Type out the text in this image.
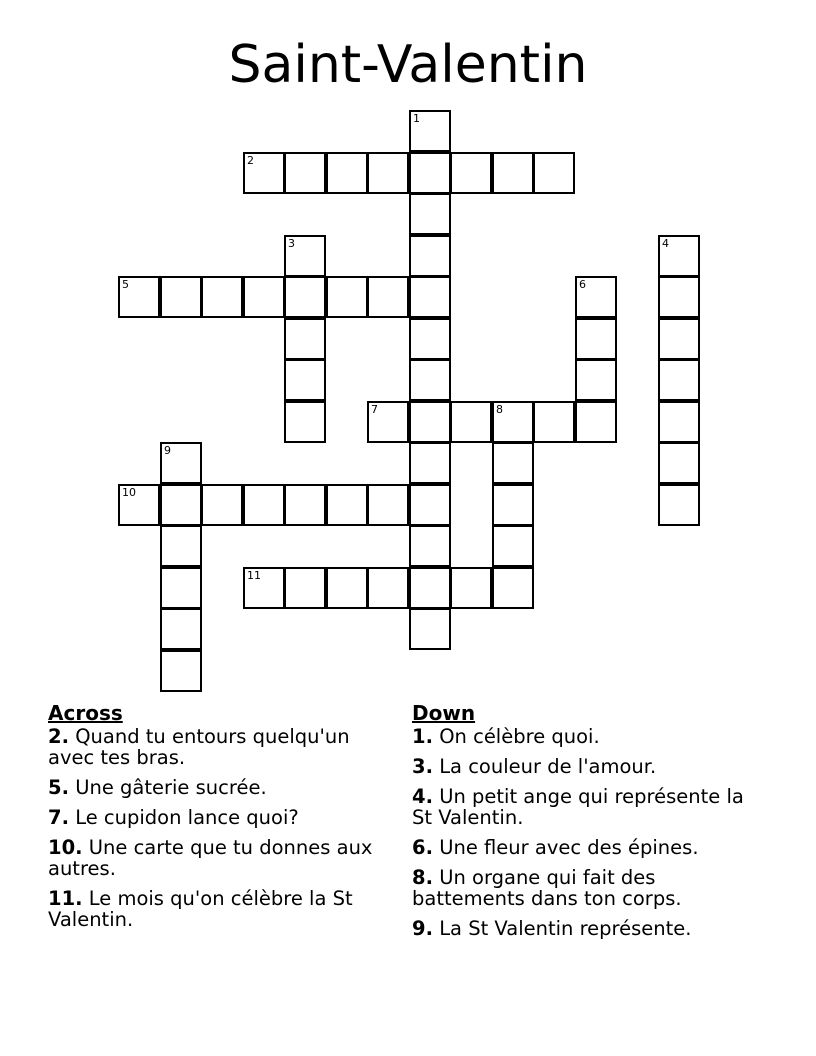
Saint-Valentin
1
2
3	4
5	6
7	8
9
10
11
Across
2. Quand tu entours quelqu'un avec tes bras.
5. Une gâterie sucrée.
7. Le cupidon lance quoi?
10. Une carte que tu donnes aux autres.
11. Le mois qu'on célèbre la St Valentin.
Down
1. On célèbre quoi.
3. La couleur de l'amour.
4. Un petit ange qui représente la St Valentin.
6. Une fleur avec des épines.
8. Un organe qui fait des battements dans ton corps.
9. La St Valentin représente.
